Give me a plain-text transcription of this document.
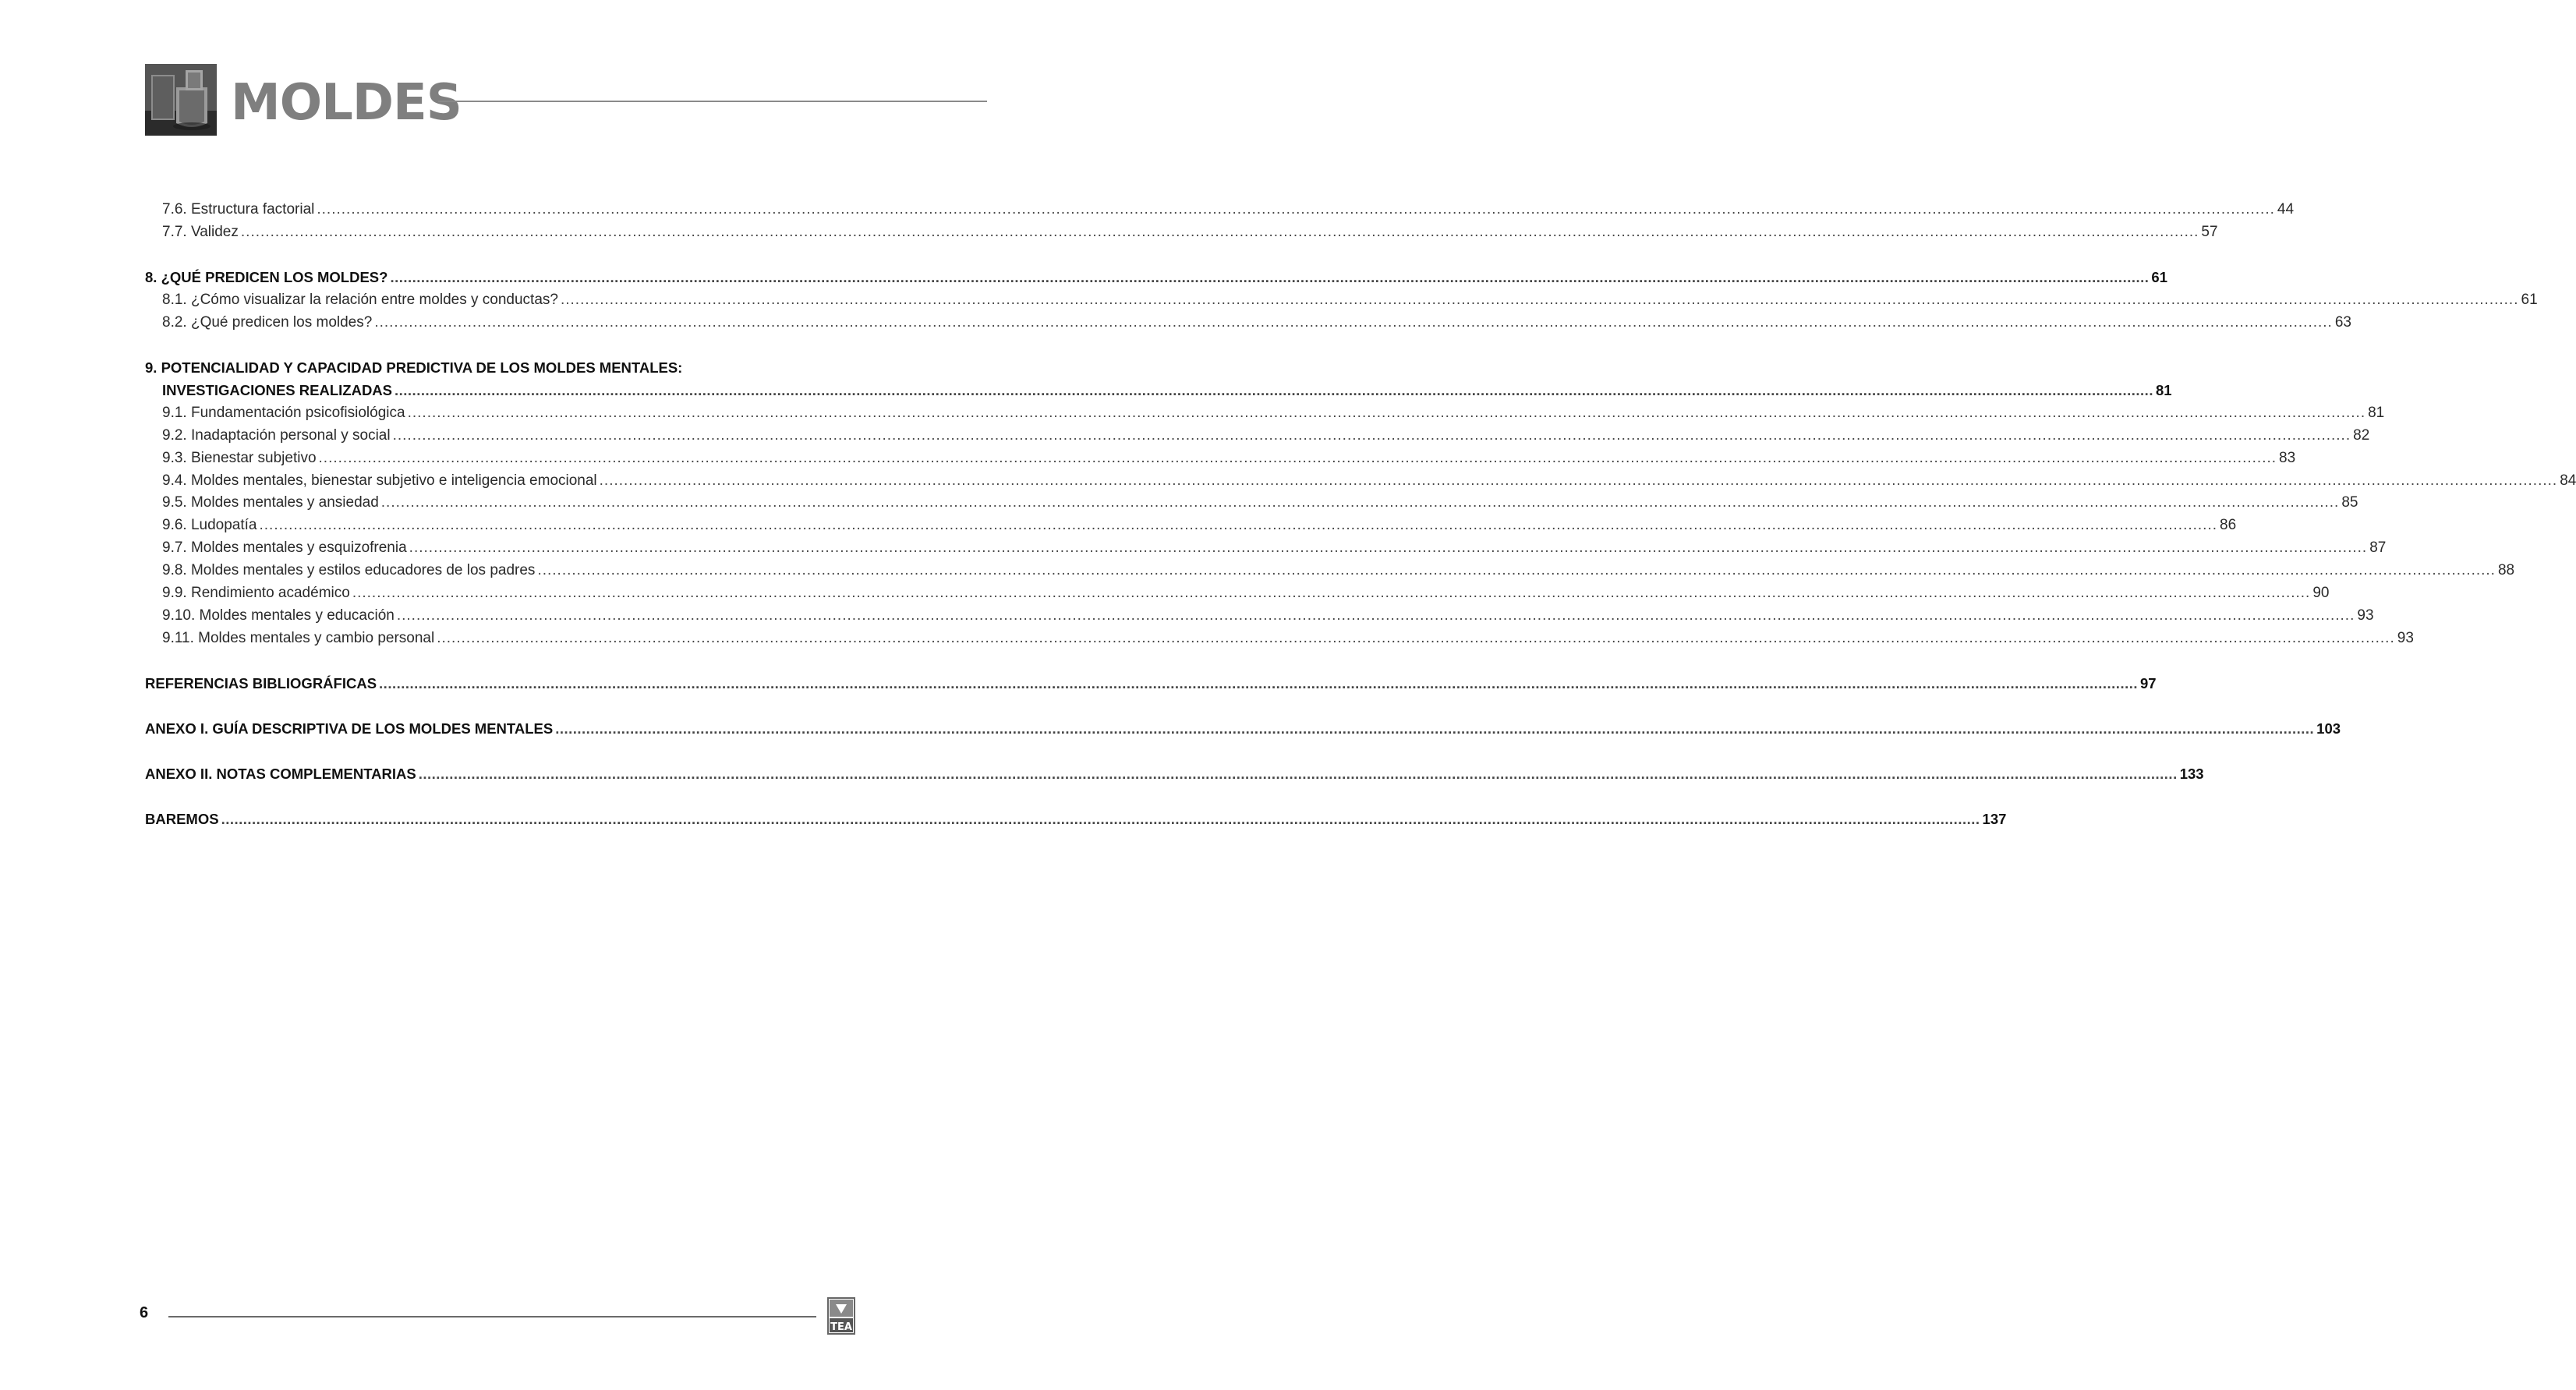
MOLDES
7.6. Estructura factorial ................................................................................................................................................................................................................................................................................................................................................................................................................ 44
7.7. Validez ................................................................................................................................................................................................................................................................................................................................................................................................................ 57
8. ¿QUÉ PREDICEN LOS MOLDES? ................................................................................................................................................................................................................................................................................................................................................................................................................ 61
8.1. ¿Cómo visualizar la relación entre moldes y conductas? ................................................................................................................................................................................................................................................................................................................................................................................................................ 61
8.2. ¿Qué predicen los moldes? ................................................................................................................................................................................................................................................................................................................................................................................................................ 63
9. POTENCIALIDAD Y CAPACIDAD PREDICTIVA DE LOS MOLDES MENTALES:
INVESTIGACIONES REALIZADAS ................................................................................................................................................................................................................................................................................................................................................................................................................ 81
9.1. Fundamentación psicofisiológica ................................................................................................................................................................................................................................................................................................................................................................................................................ 81
9.2. Inadaptación personal y social ................................................................................................................................................................................................................................................................................................................................................................................................................ 82
9.3. Bienestar subjetivo ................................................................................................................................................................................................................................................................................................................................................................................................................ 83
9.4. Moldes mentales, bienestar subjetivo e inteligencia emocional ................................................................................................................................................................................................................................................................................................................................................................................................................ 84
9.5. Moldes mentales y ansiedad ................................................................................................................................................................................................................................................................................................................................................................................................................ 85
9.6. Ludopatía ................................................................................................................................................................................................................................................................................................................................................................................................................ 86
9.7. Moldes mentales y esquizofrenia ................................................................................................................................................................................................................................................................................................................................................................................................................ 87
9.8. Moldes mentales y estilos educadores de los padres ................................................................................................................................................................................................................................................................................................................................................................................................................ 88
9.9. Rendimiento académico ................................................................................................................................................................................................................................................................................................................................................................................................................ 90
9.10. Moldes mentales y educación ................................................................................................................................................................................................................................................................................................................................................................................................................ 93
9.11. Moldes mentales y cambio personal ................................................................................................................................................................................................................................................................................................................................................................................................................ 93
REFERENCIAS BIBLIOGRÁFICAS ................................................................................................................................................................................................................................................................................................................................................................................................................ 97
ANEXO I. GUÍA DESCRIPTIVA DE LOS MOLDES MENTALES ................................................................................................................................................................................................................................................................................................................................................................................................................ 103
ANEXO II. NOTAS COMPLEMENTARIAS ................................................................................................................................................................................................................................................................................................................................................................................................................ 133
BAREMOS ................................................................................................................................................................................................................................................................................................................................................................................................................ 137
6
TEA
